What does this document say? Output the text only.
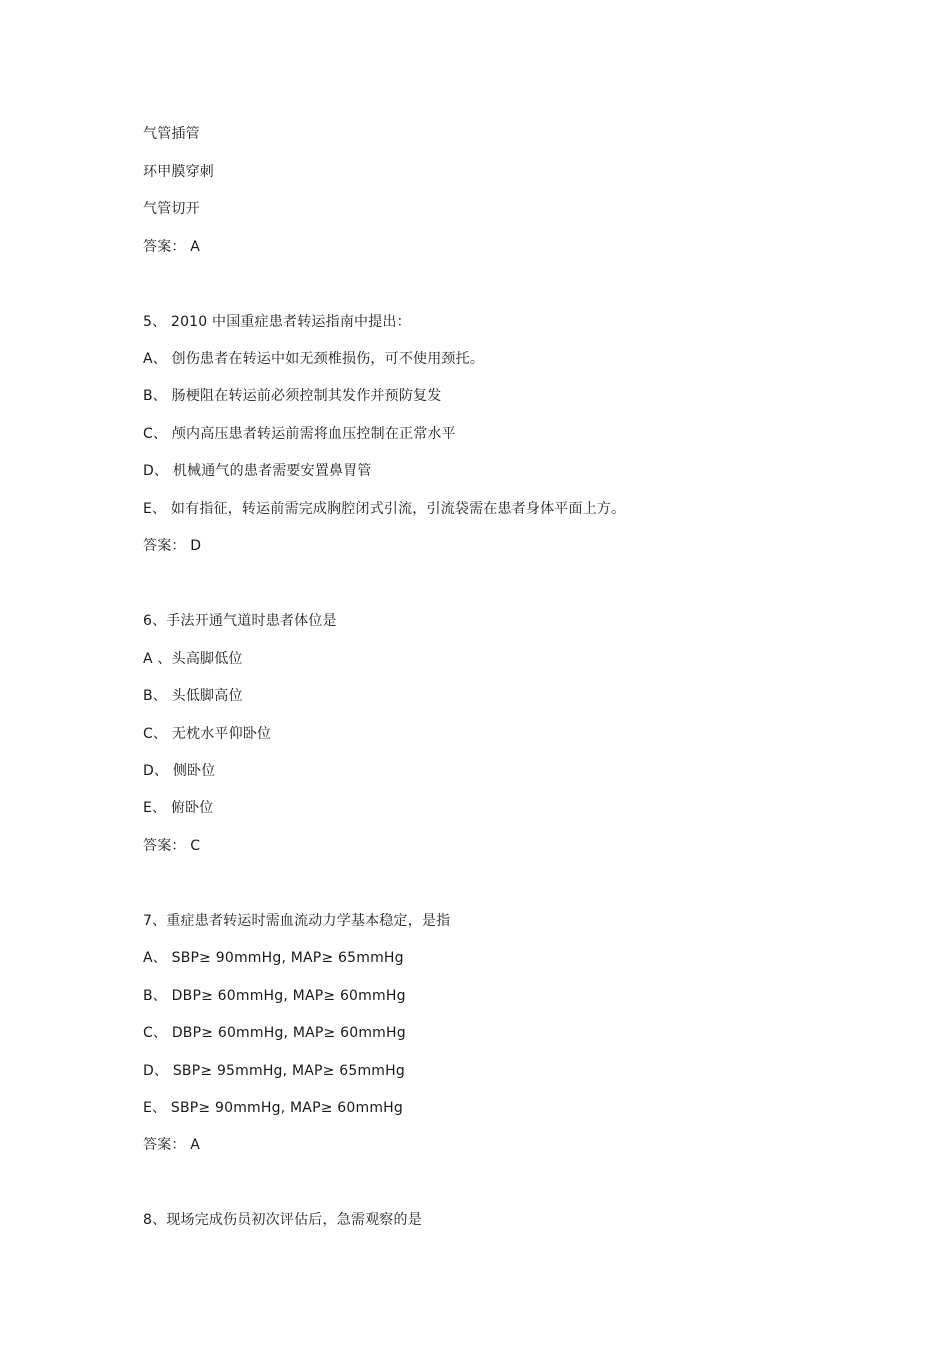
气管插管
环甲膜穿刺
气管切开
答案： A
5、 2010 中国重症患者转运指南中提出：
A、 创伤患者在转运中如无颈椎损伤，可不使用颈托。
B、 肠梗阻在转运前必须控制其发作并预防复发
C、 颅内高压患者转运前需将血压控制在正常水平
D、 机械通气的患者需要安置鼻胃管
E、 如有指征，转运前需完成胸腔闭式引流，引流袋需在患者身体平面上方。
答案： D
6、手法开通气道时患者体位是
A 、头高脚低位
B、 头低脚高位
C、 无枕水平仰卧位
D、 侧卧位
E、 俯卧位
答案： C
7、重症患者转运时需血流动力学基本稳定，是指
A、 SBP≥ 90mmHg, MAP≥ 65mmHg
B、 DBP≥ 60mmHg, MAP≥ 60mmHg
C、 DBP≥ 60mmHg, MAP≥ 60mmHg
D、 SBP≥ 95mmHg, MAP≥ 65mmHg
E、 SBP≥ 90mmHg, MAP≥ 60mmHg
答案： A
8、现场完成伤员初次评估后，急需观察的是
